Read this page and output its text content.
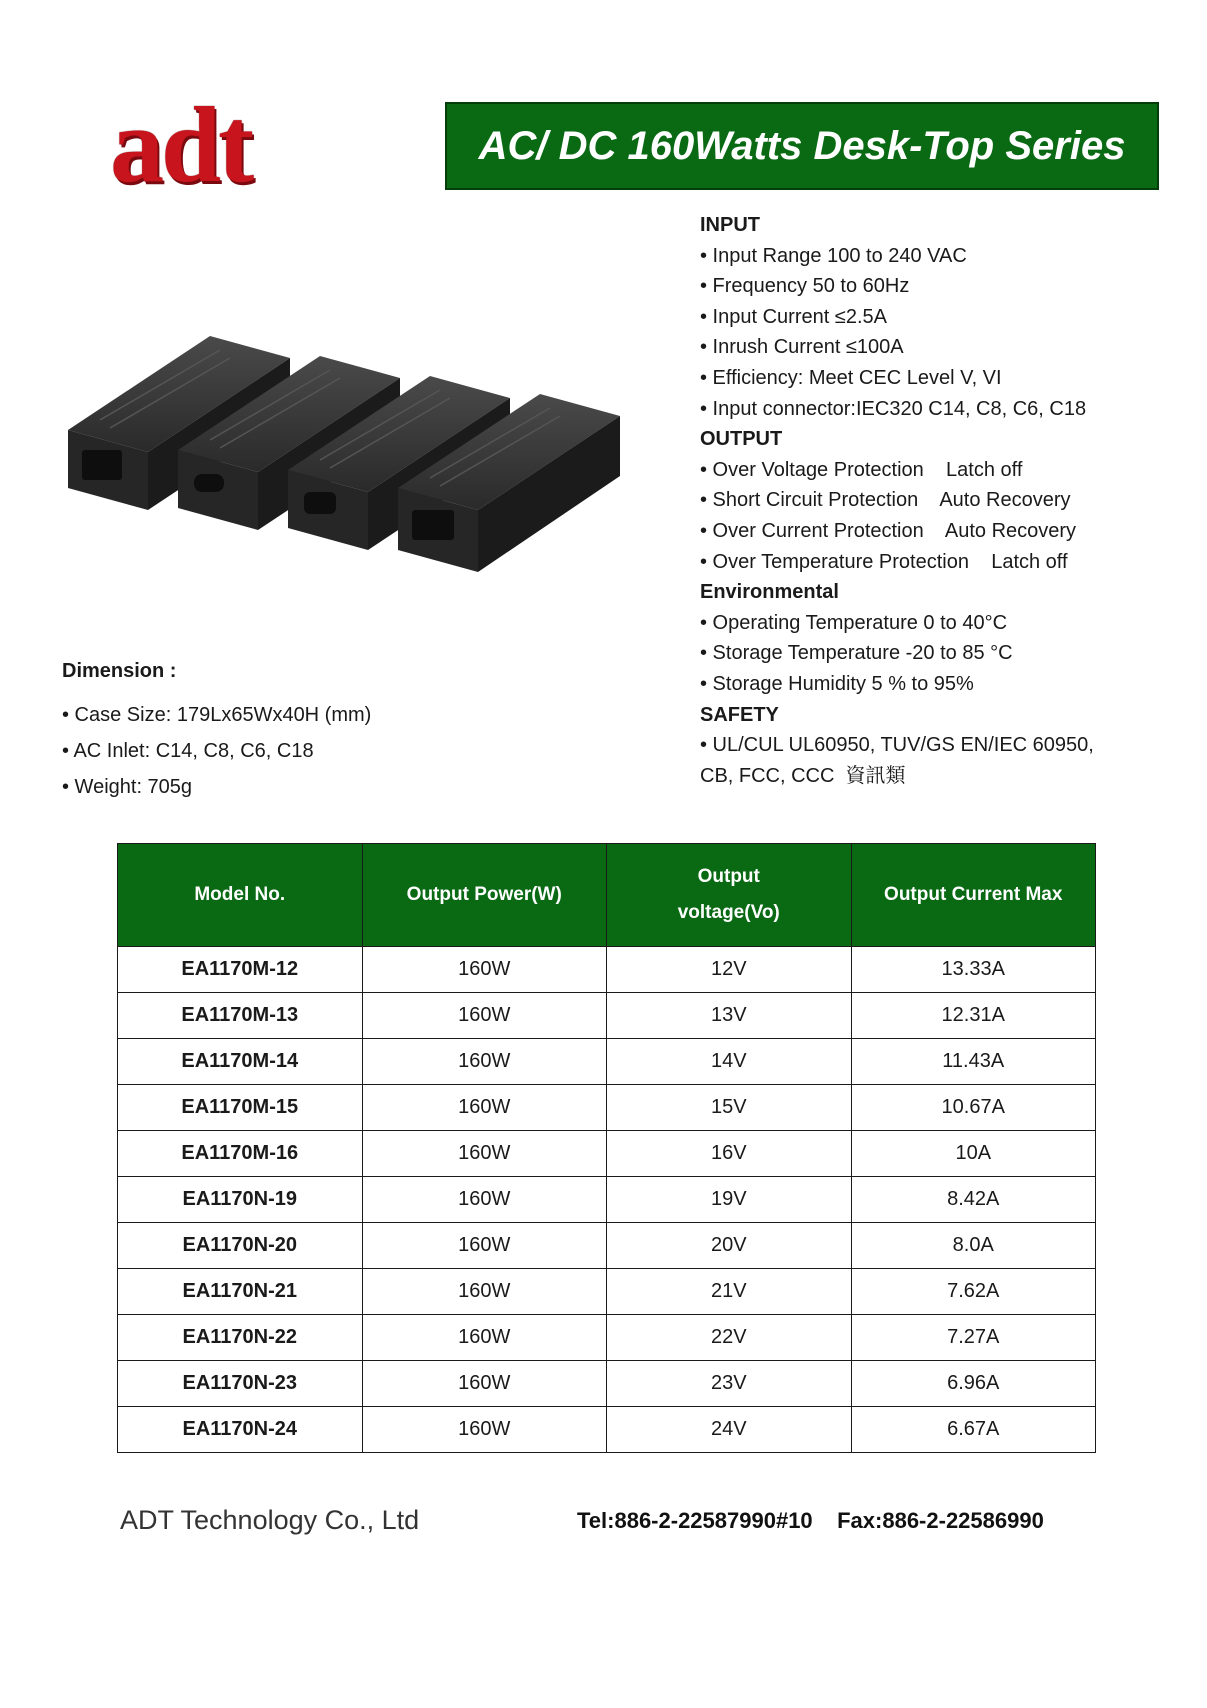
adt	AC/ DC 160Watts Desk-Top Series
INPUT
• Input Range 100 to 240 VAC
• Frequency 50 to 60Hz
• Input Current ≤2.5A
• Inrush Current ≤100A
• Efficiency: Meet CEC Level V, VI
• Input connector:IEC320 C14, C8, C6, C18
OUTPUT
• Over Voltage Protection    Latch off
• Short Circuit Protection    Auto Recovery
• Over Current Protection    Auto Recovery
• Over Temperature Protection    Latch off
Environmental
• Operating Temperature 0 to 40°C
• Storage Temperature -20 to 85 °C
• Storage Humidity 5 % to 95%
SAFETY
• UL/CUL UL60950, TUV/GS EN/IEC 60950,
CB, FCC, CCC  資訊類
Dimension :
• Case Size: 179Lx65Wx40H (mm)
• AC Inlet: C14, C8, C6, C18
• Weight: 705g
Model No.	Output Power(W)	Output
voltage(Vo)	Output Current Max
EA1170M-12	160W	12V	13.33A
EA1170M-13	160W	13V	12.31A
EA1170M-14	160W	14V	11.43A
EA1170M-15	160W	15V	10.67A
EA1170M-16	160W	16V	10A
EA1170N-19	160W	19V	8.42A
EA1170N-20	160W	20V	8.0A
EA1170N-21	160W	21V	7.62A
EA1170N-22	160W	22V	7.27A
EA1170N-23	160W	23V	6.96A
EA1170N-24	160W	24V	6.67A
ADT Technology Co., Ltd	Tel:886-2-22587990#10    Fax:886-2-22586990
